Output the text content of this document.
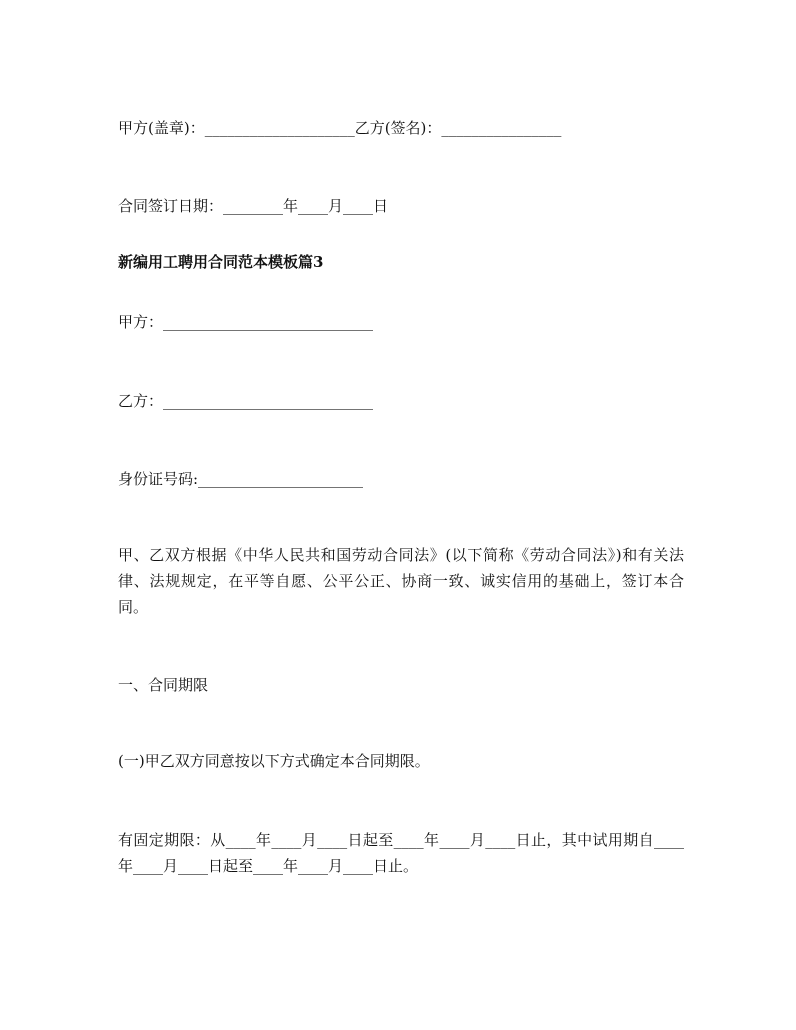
甲方(盖章)：____________________乙方(签名)：________________
合同签订日期：________年____月____日
新编用工聘用合同范本模板篇3
甲方：____________________________
乙方：____________________________
身份证号码:______________________
甲、乙双方根据《中华人民共和国劳动合同法》(以下简称《劳动合同法》)和有关法律、法规规定，在平等自愿、公平公正、协商一致、诚实信用的基础上，签订本合同。
一、合同期限
(一)甲乙双方同意按以下方式确定本合同期限。
有固定期限：从____年____月____日起至____年____月____日止，其中试用期自____年____月____日起至____年____月____日止。
